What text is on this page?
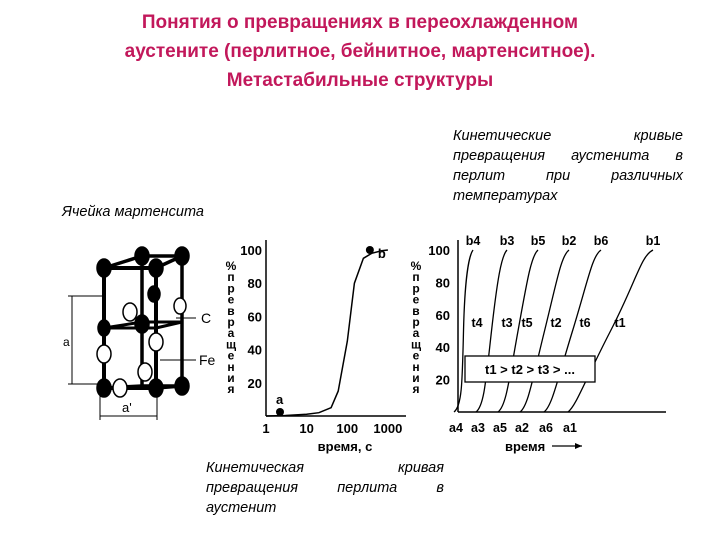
Понятия о превращениях в переохлажденном
аустените (перлитное, бейнитное, мартенситное).
Метастабильные структуры
Кинетические кривые
превращения аустенита в
перлит при различных
температурах
Ячейка мартенсита
Кинетическая кривая
превращения перлита в
аустенит
C
Fe
a
a'
20
40
60
80
100
1 10 100 1000
время, с
%
п
р
е
в
р
а
щ
е
н
и
я
a
b
20
40
60
80
100
%
п
р
е
в
р
а
щ
е
н
и
я
a4
b4
t4
a3
b3
t3
a5
b5
t5
a2
b2
t2
a6
b6
t6
a1
b1
t1
t1 > t2 > t3 > ...
время
